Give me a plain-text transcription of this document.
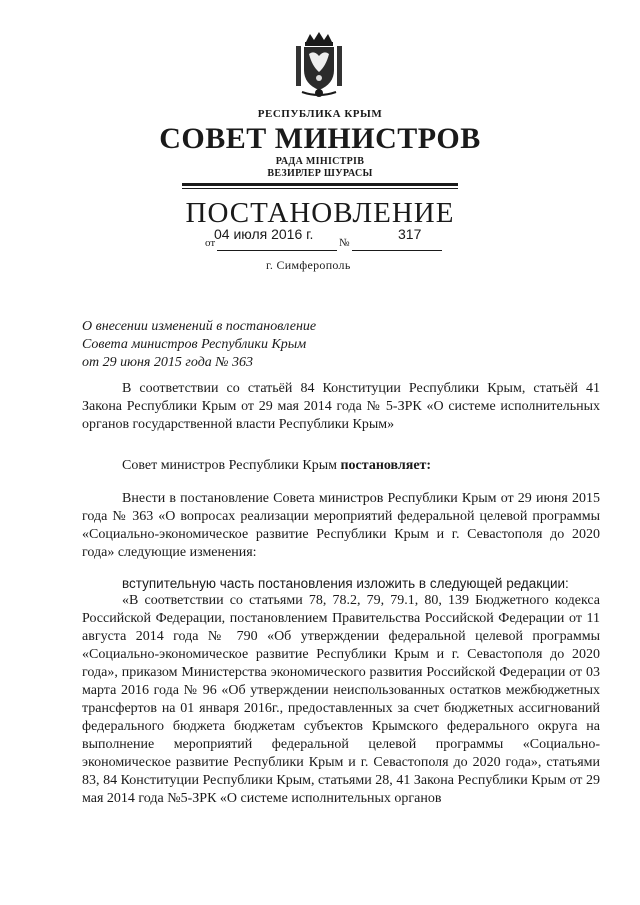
РЕСПУБЛИКА КРЫМ
СОВЕТ МИНИСТРОВ
РАДА МІНІСТРІВ
ВЕЗИРЛЕР ШУРАСЫ
ПОСТАНОВЛЕНИЕ
04 июля 2016 г.	317
от	№
г. Симферополь
О внесении изменений в постановление
Совета министров Республики Крым
от 29 июня 2015 года № 363
В соответствии со статьёй 84 Конституции Республики Крым, статьёй 41 Закона Республики Крым от 29 мая 2014 года № 5-ЗРК «О системе исполнительных органов государственной власти Республики Крым»
Совет министров Республики Крым постановляет:
Внести в постановление Совета министров Республики Крым от 29 июня 2015 года № 363 «О вопросах реализации мероприятий федеральной целевой программы «Социально-экономическое развитие Республики Крым и г. Севастополя до 2020 года» следующие изменения:
вступительную часть постановления изложить в следующей редакции:
«В соответствии со статьями 78, 78.2, 79, 79.1, 80, 139 Бюджетного кодекса Российской Федерации, постановлением Правительства Российской Федерации от 11 августа 2014 года № 790 «Об утверждении федеральной целевой программы «Социально-экономическое развитие Республики Крым и г. Севастополя до 2020 года», приказом Министерства экономического развития Российской Федерации от 03 марта 2016 года № 96 «Об утверждении неиспользованных остатков межбюджетных трансфертов на 01 января 2016г., предоставленных за счет бюджетных ассигнований федерального бюджета бюджетам субъектов Крымского федерального округа на выполнение мероприятий федеральной целевой программы «Социально-экономическое развитие Республики Крым и г. Севастополя до 2020 года», статьями 83, 84 Конституции Республики Крым, статьями 28, 41 Закона Республики Крым от 29 мая 2014 года №5-ЗРК «О системе исполнительных органов
